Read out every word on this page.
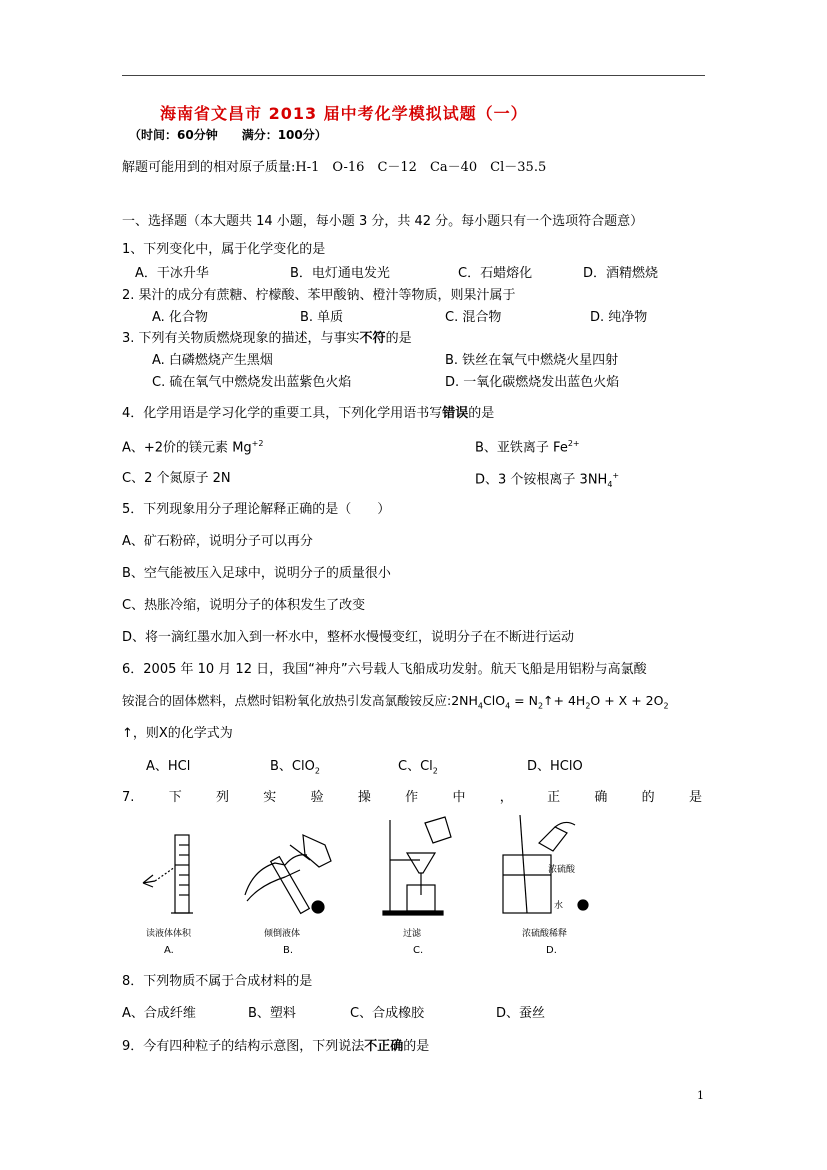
海南省文昌市 2013 届中考化学模拟试题（一）
（时间：60分钟　　满分：100分）
解题可能用到的相对原子质量:H-1　O-16　C－12　Ca－40　Cl－35.5
一、选择题（本大题共 14 小题，每小题 3 分，共 42 分。每小题只有一个选项符合题意）
1、下列变化中，属于化学变化的是
A．干冰升华	B．电灯通电发光	C．石蜡熔化	D．酒精燃烧
2. 果汁的成分有蔗糖、柠檬酸、苯甲酸钠、橙汁等物质，则果汁属于
A. 化合物	B. 单质	C. 混合物	D. 纯净物
3. 下列有关物质燃烧现象的描述，与事实不符的是
A. 白磷燃烧产生黑烟	B. 铁丝在氧气中燃烧火星四射
C. 硫在氧气中燃烧发出蓝紫色火焰	D. 一氧化碳燃烧发出蓝色火焰
4．化学用语是学习化学的重要工具，下列化学用语书写错误的是
A、+2价的镁元素 $Mg^{+2}$	B、亚铁离子 $Fe^{2+}$
C、2 个氮原子 2N	D、3 个铵根离子 $3NH_4^+$
5．下列现象用分子理论解释正确的是（　　）
A、矿石粉碎，说明分子可以再分
B、空气能被压入足球中，说明分子的质量很小
C、热胀冷缩，说明分子的体积发生了改变
D、将一滴红墨水加入到一杯水中，整杯水慢慢变红，说明分子在不断进行运动
6．2005 年 10 月 12 日，我国“神舟”六号载人飞船成功发射。航天飞船是用铝粉与高氯酸
铵混合的固体燃料，点燃时铝粉氧化放热引发高氯酸铵反应$:2NH_4ClO_4$ = $N_2↑+ 4H_2O + X + 2O_2$
↑，则X的化学式为
A、HCl	B、ClO$_2$	C、$Cl_2$	D、HClO
7.	下	列	实	验	操	作	中	，	正	确	的	是
浓硫酸
水
读液体体积	倾倒液体	过滤	浓硫酸稀释
A.	B.	C.	D.
8．下列物质不属于合成材料的是
A、合成纤维	B、塑料	C、合成橡胶	D、蚕丝
9．今有四种粒子的结构示意图，下列说法不正确的是
1
